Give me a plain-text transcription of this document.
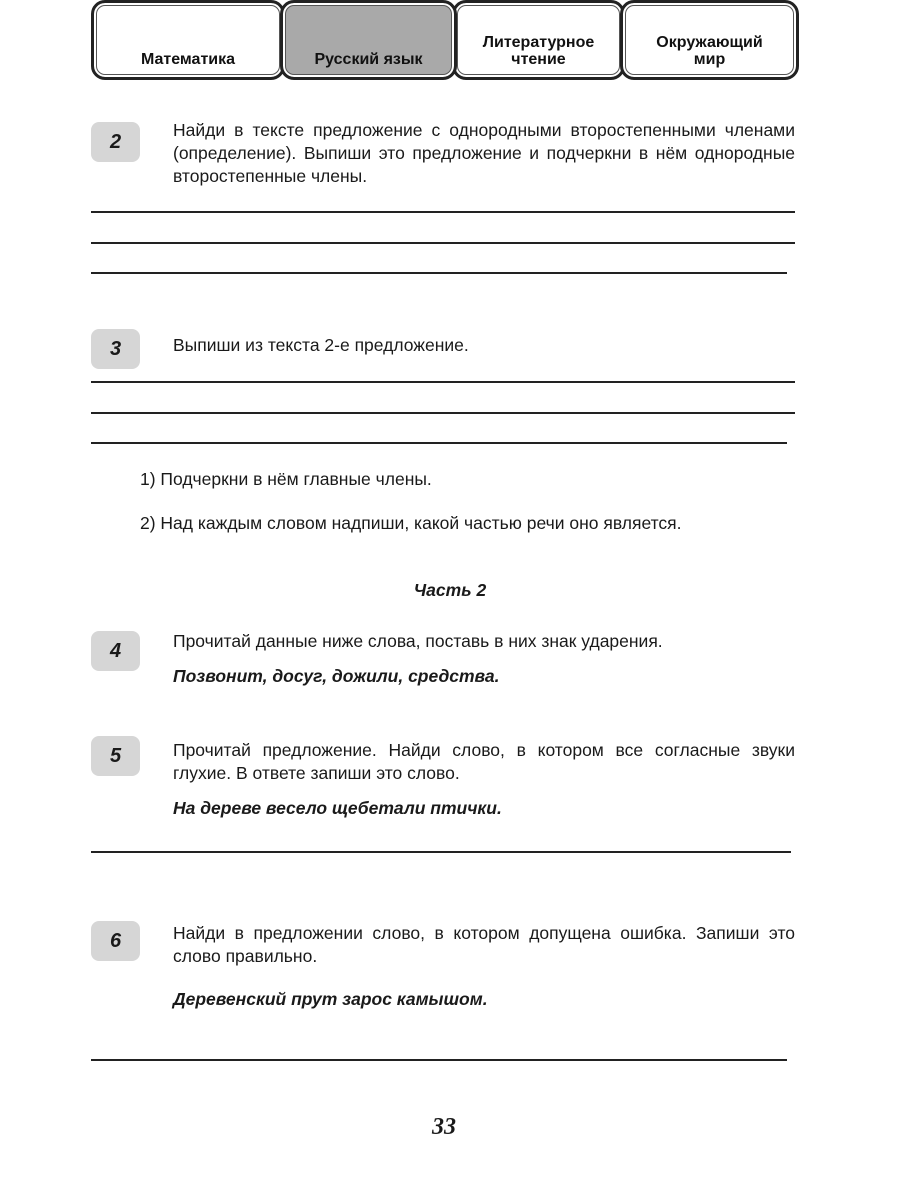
Математика
Литературное
чтение
Окружающий
мир
Русский язык
2
Найди в тексте предложение с однородными второстепенными членами (определение). Выпиши это предложение и подчеркни в нём однородные второстепенные члены.
3	Выпиши из текста 2-е предложение.
1) Подчеркни в нём главные члены.
2) Над каждым словом надпиши, какой частью речи оно является.
Часть 2
4	Прочитай данные ниже слова, поставь в них знак ударения.
Позвонит, досуг, дожили, средства.
5	Прочитай предложение. Найди слово, в котором все согласные звуки глухие. В ответе запиши это слово.
На дереве весело щебетали птички.
6	Найди в предложении слово, в котором допущена ошибка. Запиши это слово правильно.
Деревенский прут зарос камышом.
33
